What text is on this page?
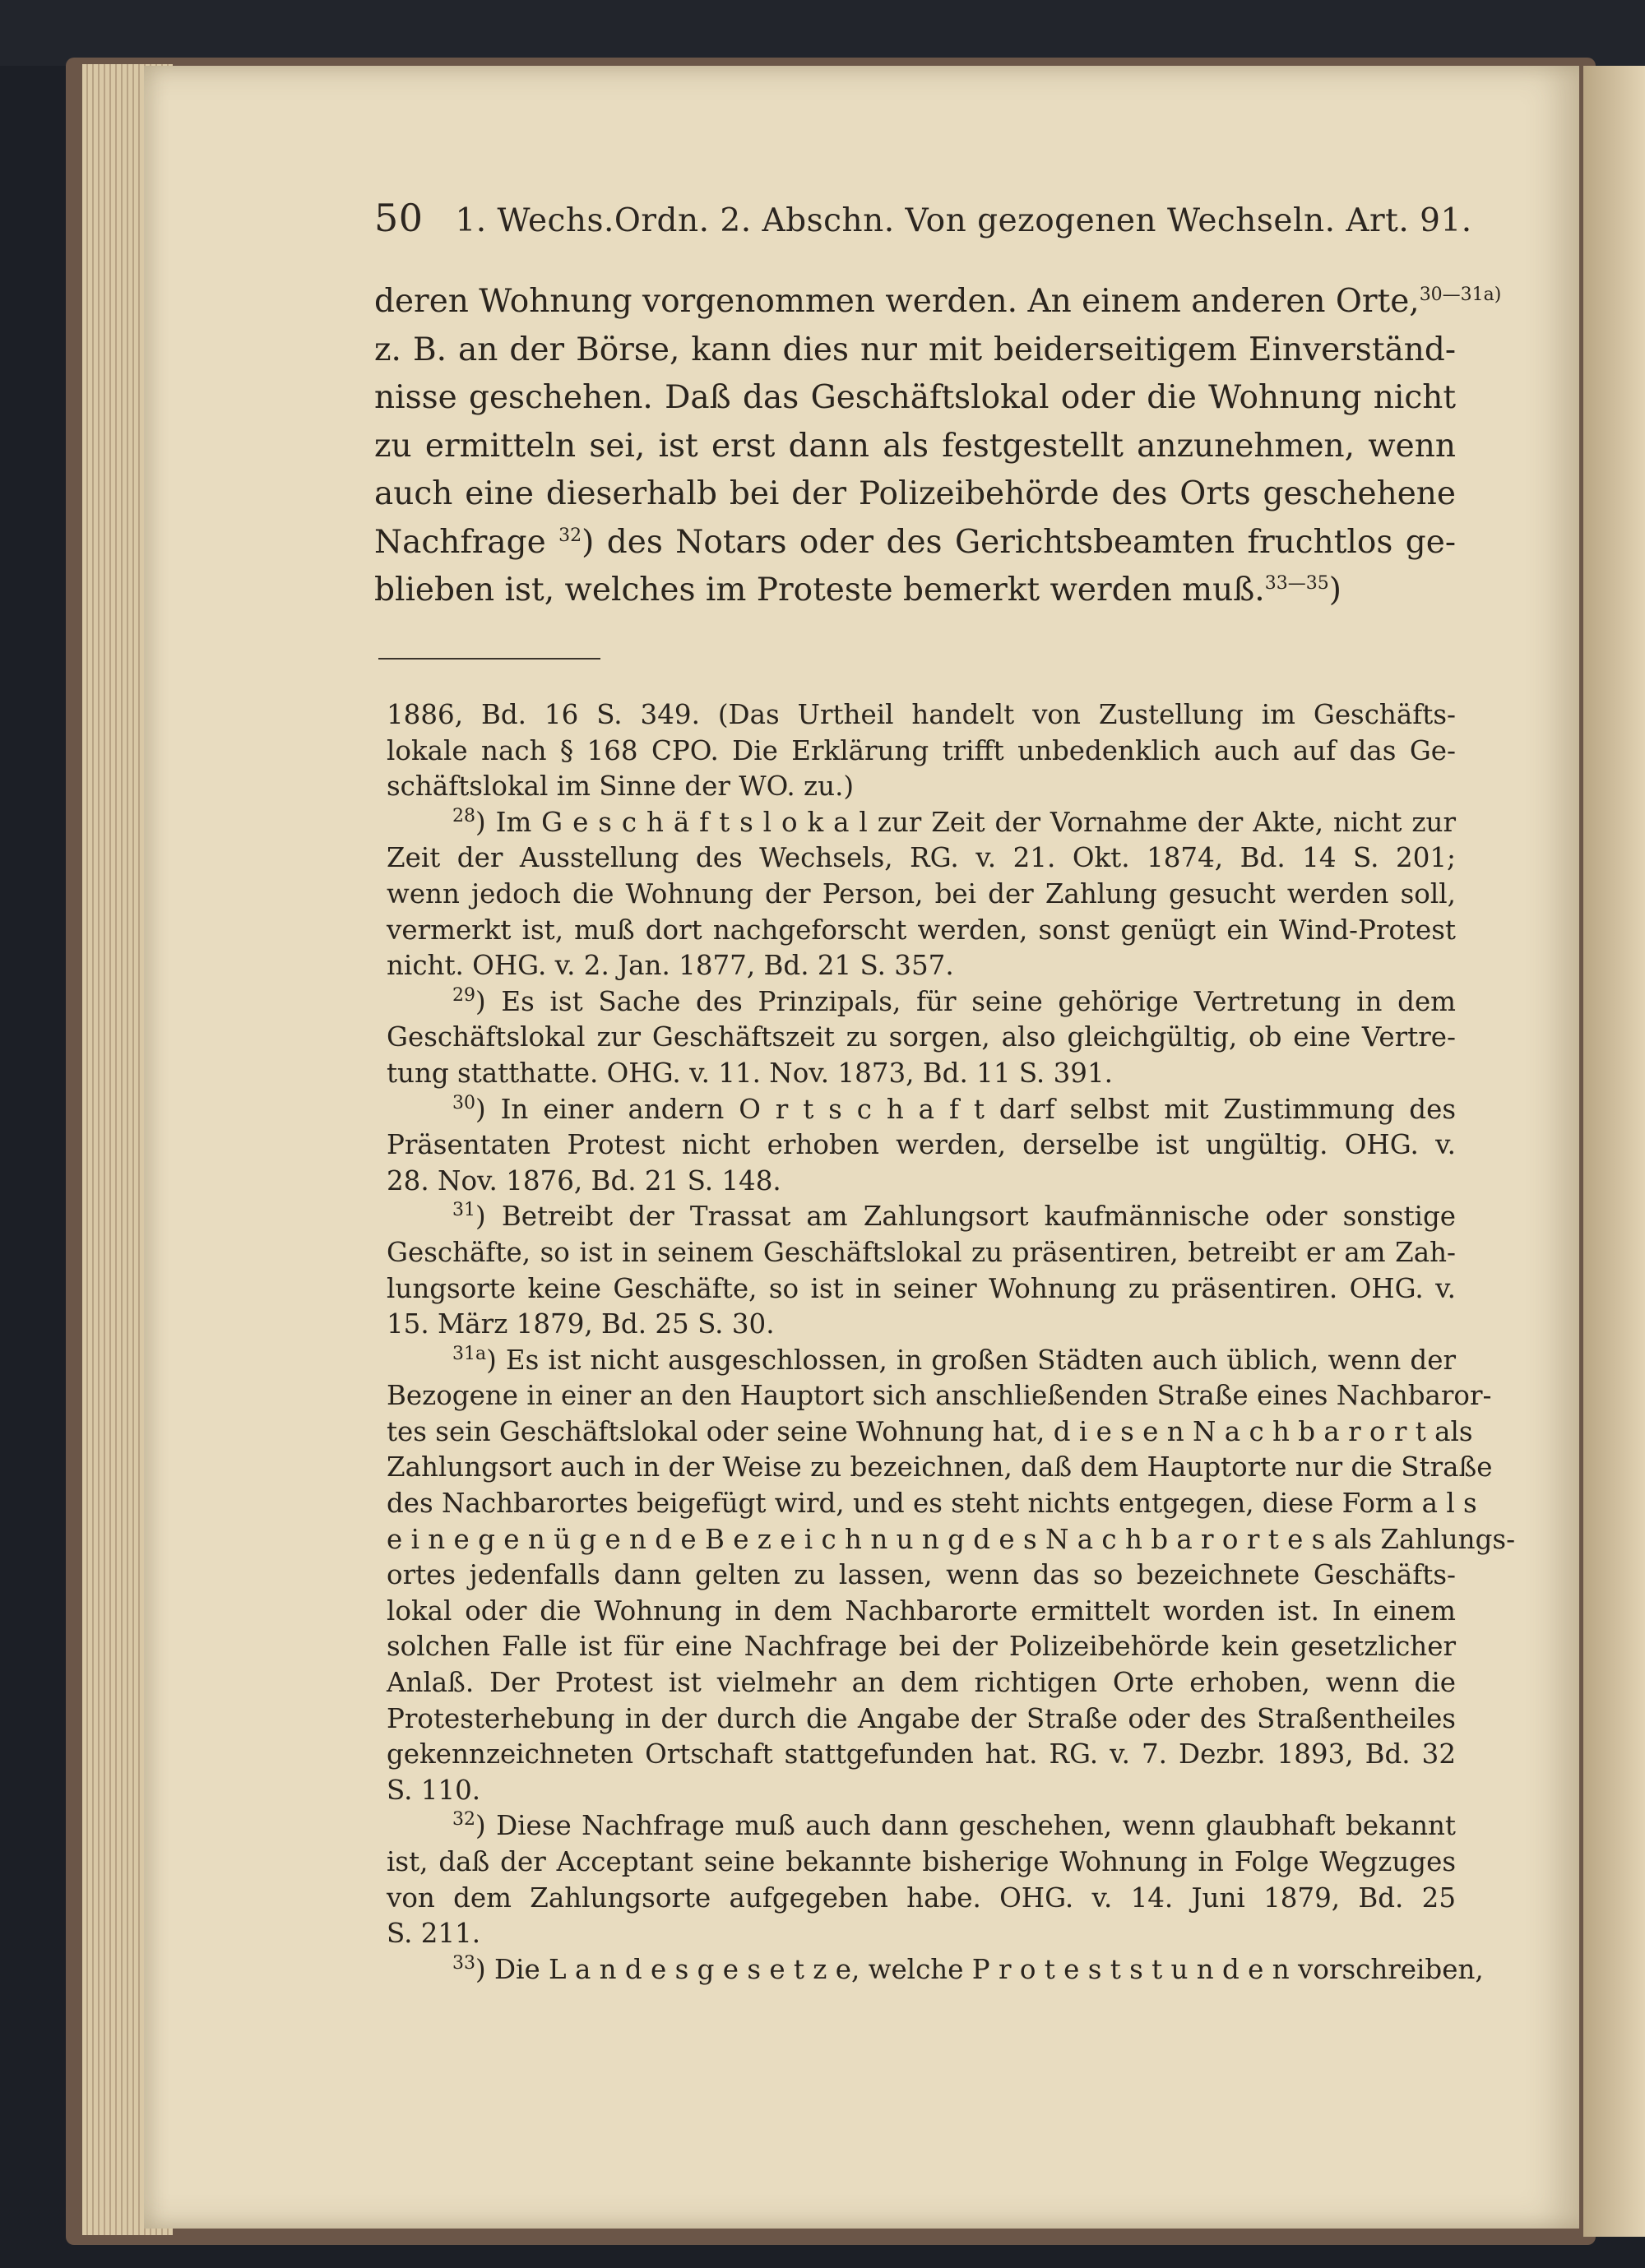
50 1. Wechs.Ordn. 2. Abschn. Von gezogenen Wechseln. Art. 91.
deren Wohnung vorgenommen werden. An einem anderen Orte,$^{30—31a)}$
z. B. an der Börse, kann dies nur mit beiderseitigem Einverständ-
nisse geschehen. Daß das Geschäftslokal oder die Wohnung nicht
zu ermitteln sei, ist erst dann als festgestellt anzunehmen, wenn
auch eine dieserhalb bei der Polizeibehörde des Orts geschehene
Nachfrage $^{32}$) des Notars oder des Gerichtsbeamten fruchtlos ge-
blieben ist, welches im Proteste bemerkt werden muß.$^{33—35}$)
1886, Bd. 16 S. 349. (Das Urtheil handelt von Zustellung im Geschäfts-
lokale nach § 168 CPO. Die Erklärung trifft unbedenklich auch auf das Ge-
schäftslokal im Sinne der WO. zu.)
$^{28}$) Im G e s c h ä f t s l o k a l zur Zeit der Vornahme der Akte, nicht zur
Zeit der Ausstellung des Wechsels, RG. v. 21. Okt. 1874, Bd. 14 S. 201;
wenn jedoch die Wohnung der Person, bei der Zahlung gesucht werden soll,
vermerkt ist, muß dort nachgeforscht werden, sonst genügt ein Wind-Protest
nicht. OHG. v. 2. Jan. 1877, Bd. 21 S. 357.
$^{29}$) Es ist Sache des Prinzipals, für seine gehörige Vertretung in dem
Geschäftslokal zur Geschäftszeit zu sorgen, also gleichgültig, ob eine Vertre-
tung statthatte. OHG. v. 11. Nov. 1873, Bd. 11 S. 391.
$^{30}$) In einer andern O r t s c h a f t darf selbst mit Zustimmung des
Präsentaten Protest nicht erhoben werden, derselbe ist ungültig. OHG. v.
28. Nov. 1876, Bd. 21 S. 148.
$^{31}$) Betreibt der Trassat am Zahlungsort kaufmännische oder sonstige
Geschäfte, so ist in seinem Geschäftslokal zu präsentiren, betreibt er am Zah-
lungsorte keine Geschäfte, so ist in seiner Wohnung zu präsentiren. OHG. v.
15. März 1879, Bd. 25 S. 30.
$^{31a}$) Es ist nicht ausgeschlossen, in großen Städten auch üblich, wenn der
Bezogene in einer an den Hauptort sich anschließenden Straße eines Nachbaror-
tes sein Geschäftslokal oder seine Wohnung hat, d i e s e n N a c h b a r o r t als
Zahlungsort auch in der Weise zu bezeichnen, daß dem Hauptorte nur die Straße
des Nachbarortes beigefügt wird, und es steht nichts entgegen, diese Form a l s
e i n e g e n ü g e n d e B e z e i c h n u n g d e s N a c h b a r o r t e s als Zahlungs-
ortes jedenfalls dann gelten zu lassen, wenn das so bezeichnete Geschäfts-
lokal oder die Wohnung in dem Nachbarorte ermittelt worden ist. In einem
solchen Falle ist für eine Nachfrage bei der Polizeibehörde kein gesetzlicher
Anlaß. Der Protest ist vielmehr an dem richtigen Orte erhoben, wenn die
Protesterhebung in der durch die Angabe der Straße oder des Straßentheiles
gekennzeichneten Ortschaft stattgefunden hat. RG. v. 7. Dezbr. 1893, Bd. 32
S. 110.
$^{32}$) Diese Nachfrage muß auch dann geschehen, wenn glaubhaft bekannt
ist, daß der Acceptant seine bekannte bisherige Wohnung in Folge Wegzuges
von dem Zahlungsorte aufgegeben habe. OHG. v. 14. Juni 1879, Bd. 25
S. 211.
$^{33}$) Die L a n d e s g e s e t z e, welche P r o t e s t s t u n d e n vorschreiben,
